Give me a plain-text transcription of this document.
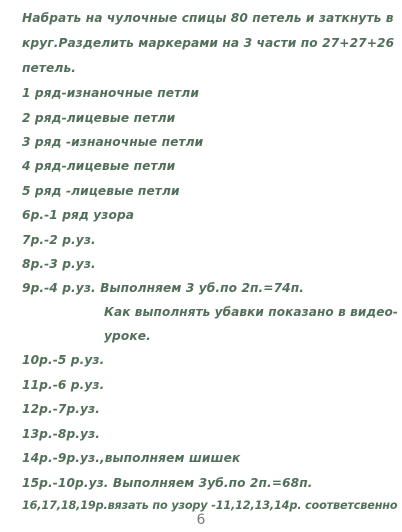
Набрать на чулочные спицы 80 петель и заткнуть в
круг.Разделить маркерами на 3 части по 27+27+26
петель.
1 ряд-изнаночные петли
2 ряд-лицевые петли
3 ряд -изнаночные петли
4 ряд-лицевые петли
5 ряд -лицевые петли
6р.-1 ряд узора
7р.-2 р.уз.
8р.-3 р.уз.
9р.-4 р.уз. Выполняем 3 уб.по 2п.=74п.
Как выполнять убавки показано в видео-
уроке.
10р.-5 р.уз.
11р.-6 р.уз.
12р.-7р.уз.
13р.-8р.уз.
14р.-9р.уз.,выполняем шишек
15р.-10р.уз. Выполняем 3уб.по 2п.=68п.
16,17,18,19р.вязать по узору -11,12,13,14р. соответсвенно
6
